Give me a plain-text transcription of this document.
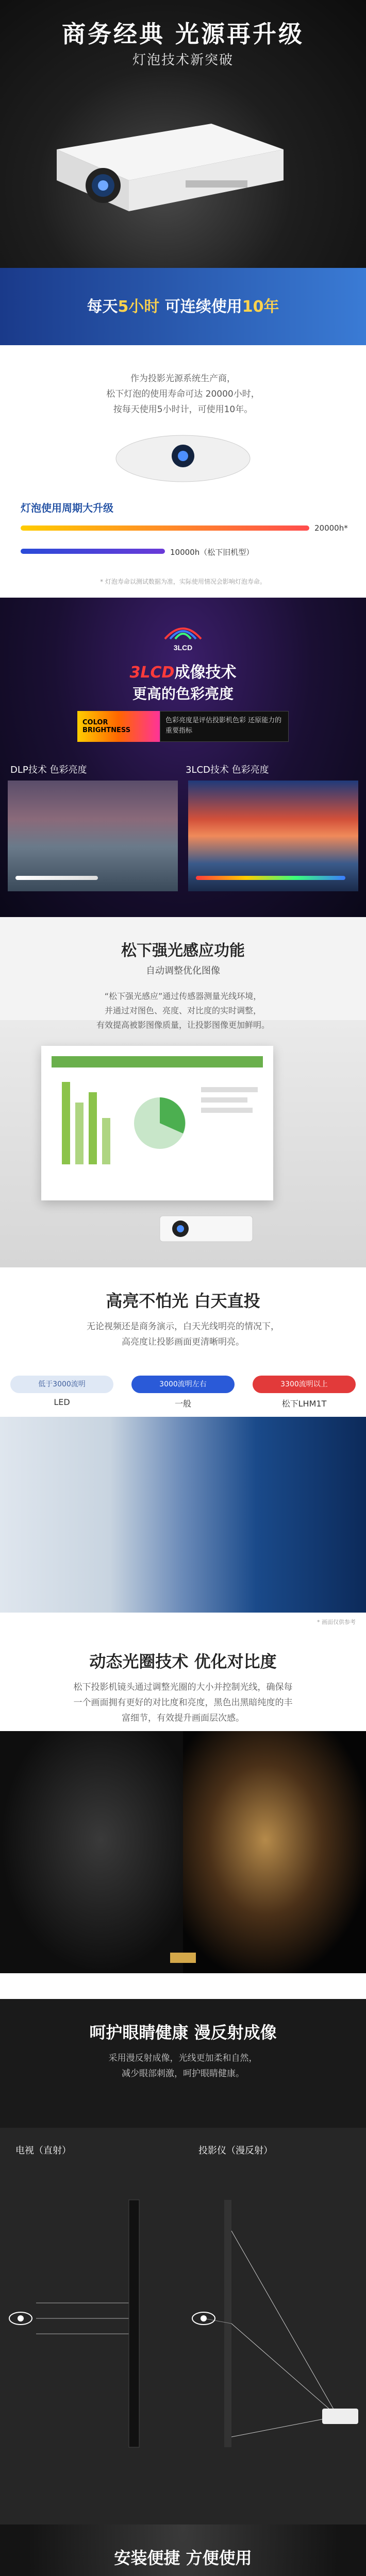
商务经典 光源再升级
灯泡技术新突破
每天5小时 可连续使用10年
作为投影光源系统生产商，
松下灯泡的使用寿命可达 20000小时，
按每天使用5小时计，可使用10年。
灯泡使用周期大升级
20000h*
10000h（松下旧机型）
* 灯泡寿命以测试数据为准，实际使用情况会影响灯泡寿命。
3LCD
3LCD成像技术
更高的色彩亮度
COLOR
BRIGHTNESS
色彩亮度是评估投影机色彩 还原能力的重要指标
DLP技术 色彩亮度	3LCD技术 色彩亮度
松下强光感应功能
自动调整优化图像
“松下强光感应”通过传感器测量光线环境，
并通过对图色、亮度、对比度的实时调整，
有效提高被影图像质量，让投影图像更加鲜明。
高亮不怕光 白天直投
无论视频还是商务演示，白天光线明亮的情况下，
高亮度让投影画面更清晰明亮。
低于3000流明
LED
3000流明左右
一般
3300流明以上
松下LHM1T
* 画面仅供参考
动态光圈技术 优化对比度
松下投影机镜头通过调整光圈的大小并控制光线，确保每
一个画面拥有更好的对比度和亮度，黑色出黑暗纯度的丰
富细节，有效提升画面层次感。
呵护眼睛健康 漫反射成像
采用漫反射成像，光线更加柔和自然，
减少眼部刺激，呵护眼睛健康。
电视（直射）	投影仪（漫反射）
安装便捷 方便使用
